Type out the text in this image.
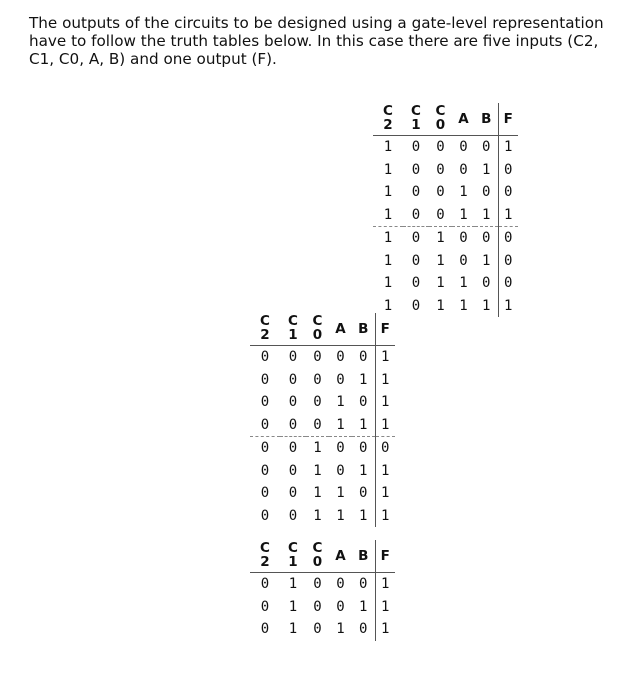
The outputs of the circuits to be designed using a gate-level representation
have to follow the truth tables below. In this case there are five inputs (C2,
C1, C0, A, B) and one output (F).
C	C	C	A	B	F
2	1	0			
1	0	0	0	0	1
1	0	0	0	1	0
1	0	0	1	0	0
1	0	0	1	1	1
1	0	1	0	0	0
1	0	1	0	1	0
1	0	1	1	0	0
1	0	1	1	1	1
C	C	C	A	B	F
2	1	0			
0	0	0	0	0	1
0	0	0	0	1	1
0	0	0	1	0	1
0	0	0	1	1	1
0	0	1	0	0	0
0	0	1	0	1	1
0	0	1	1	0	1
0	0	1	1	1	1
C	C	C	A	B	F
2	1	0			
0	1	0	0	0	1
0	1	0	0	1	1
0	1	0	1	0	1
